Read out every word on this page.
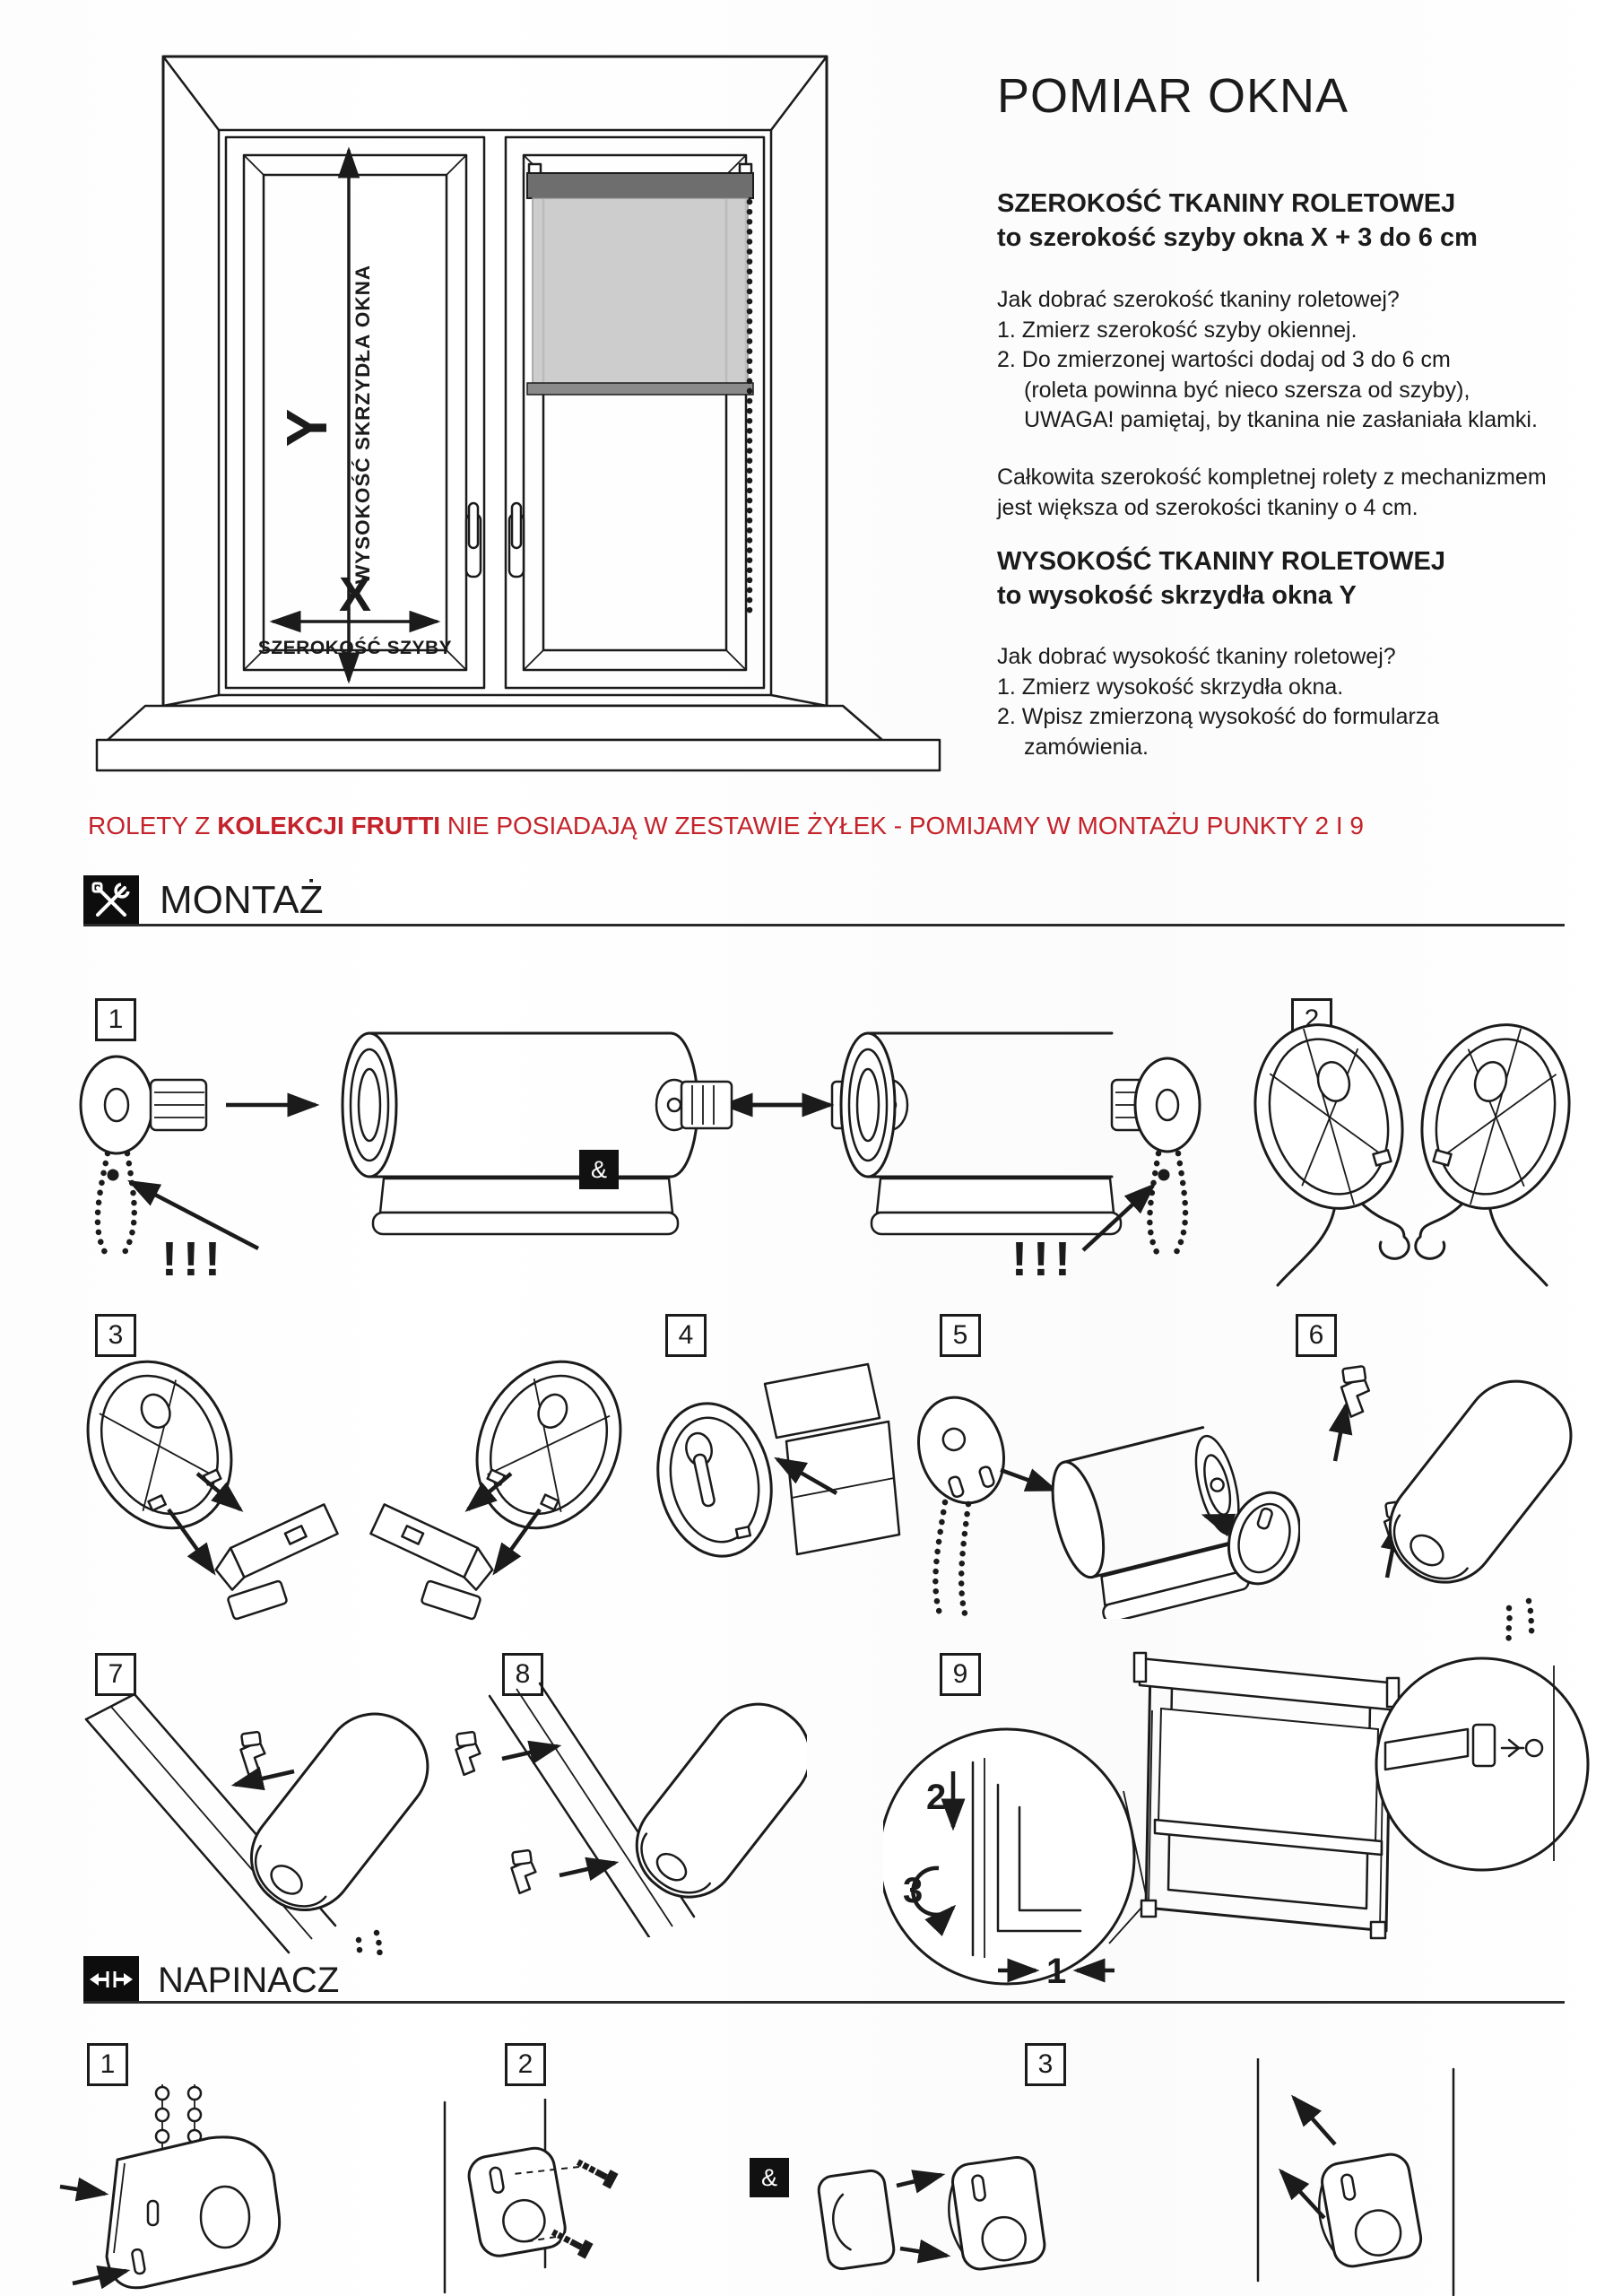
Y WYSOKOŚĆ SKRZYDŁA OKNA
X
SZEROKOŚĆ SZYBY
POMIAR OKNA
SZEROKOŚĆ TKANINY ROLETOWEJ
to szerokość szyby okna X + 3 do 6 cm
Jak dobrać szerokość tkaniny roletowej?
1. Zmierz szerokość szyby okiennej.
2. Do zmierzonej wartości dodaj od 3 do 6 cm
(roleta powinna być nieco szersza od szyby),
UWAGA! pamiętaj, by tkanina nie zasłaniała klamki.
Całkowita szerokość kompletnej rolety z mechanizmem
jest większa od szerokości tkaniny o 4 cm.
WYSOKOŚĆ TKANINY ROLETOWEJ
to wysokość skrzydła okna Y
Jak dobrać wysokość tkaniny roletowej?
1. Zmierz wysokość skrzydła okna.
2. Wpisz zmierzoną wysokość do formularza
zamówienia.
ROLETY Z KOLEKCJI FRUTTI NIE POSIADAJĄ W ZESTAWIE ŻYŁEK - POMIJAMY W MONTAŻU PUNKTY 2 I 9
MONTAŻ
1	2
3	4	5	6
7	8	9
!!!	!!!
&
2
3
1
NAPINACZ
1	2	3
&
